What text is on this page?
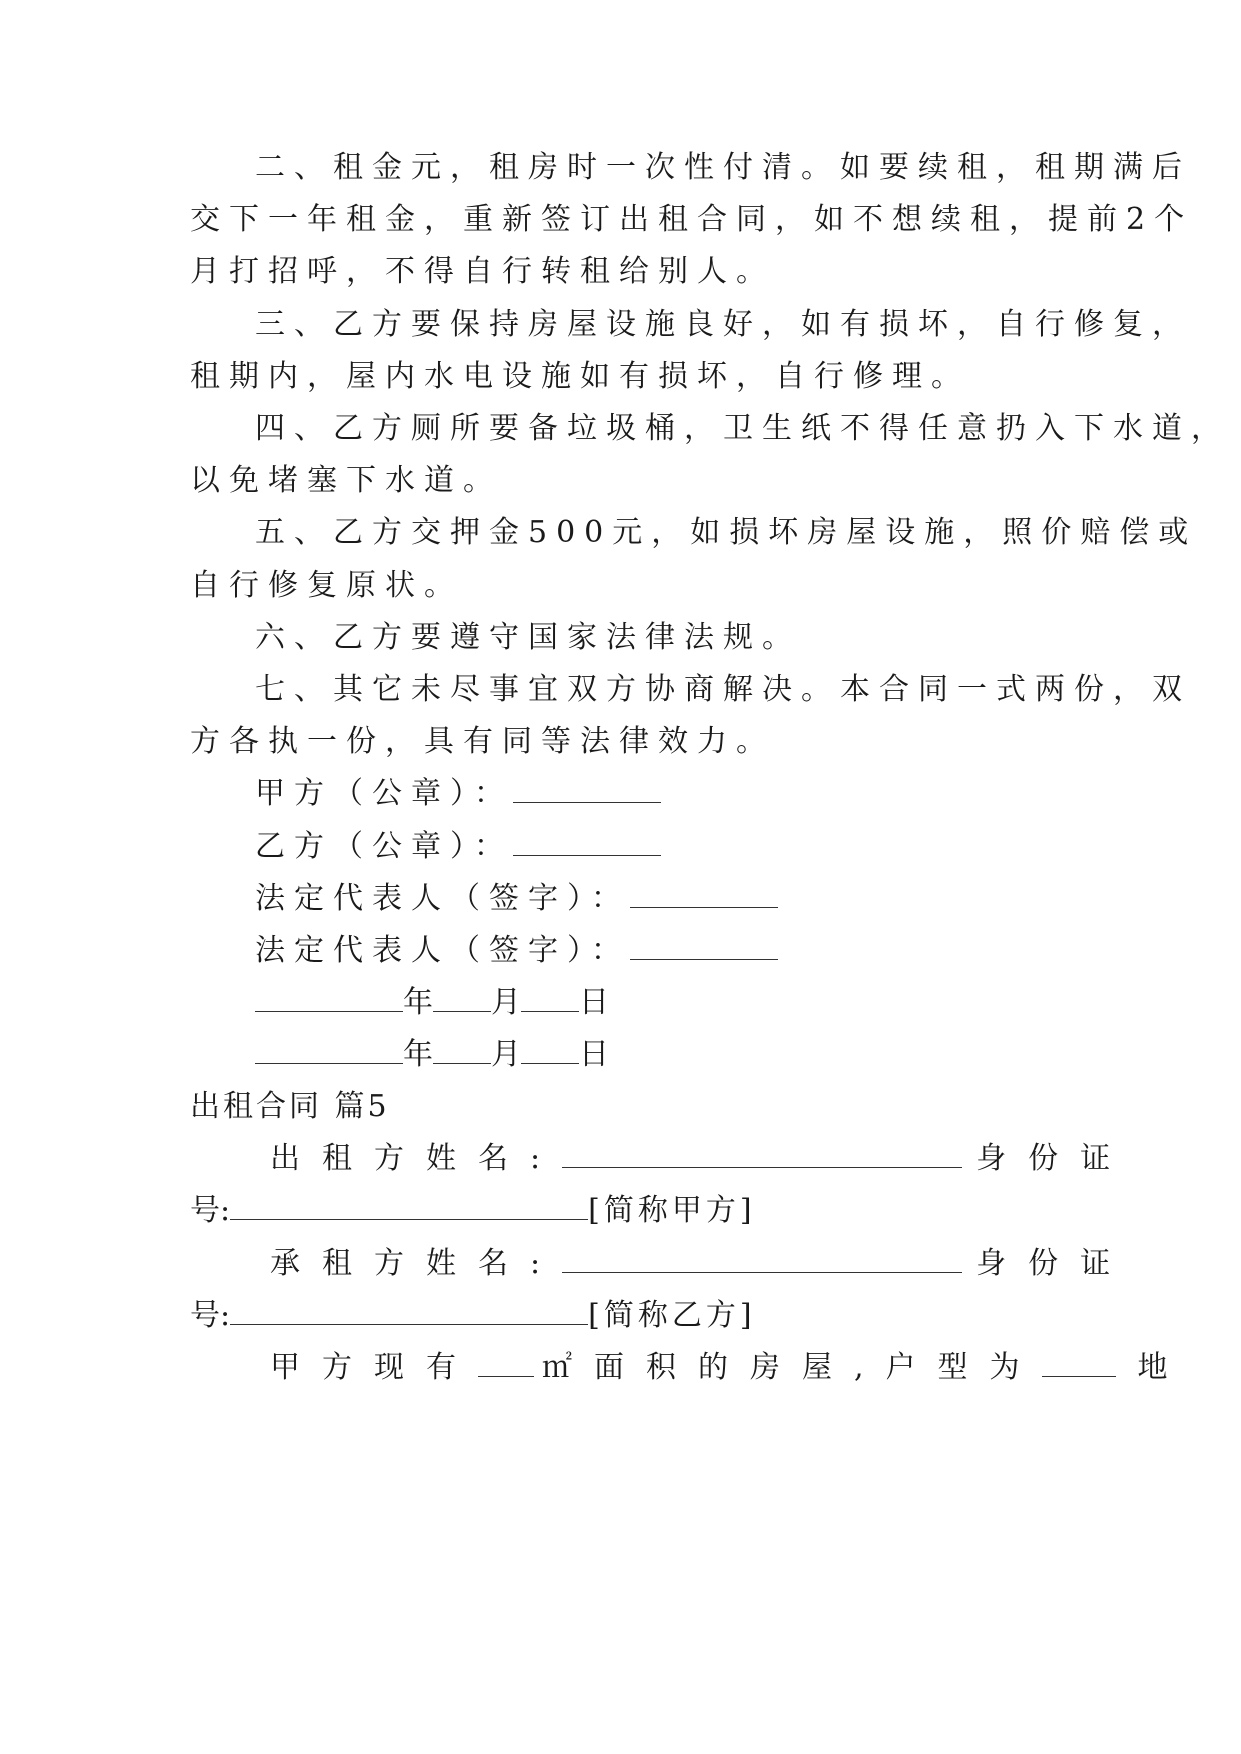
二、租金元，租房时一次性付清。如要续租，租期满后
交下一年租金，重新签订出租合同，如不想续租，提前2个
月打招呼，不得自行转租给别人。
三、乙方要保持房屋设施良好，如有损坏，自行修复，
租期内，屋内水电设施如有损坏，自行修理。
四、乙方厕所要备垃圾桶，卫生纸不得任意扔入下水道，
以免堵塞下水道。
五、乙方交押金500元，如损坏房屋设施，照价赔偿或
自行修复原状。
六、乙方要遵守国家法律法规。
七、其它未尽事宜双方协商解决。本合同一式两份，双
方各执一份，具有同等法律效力。
甲方（公章）：
乙方（公章）：
法定代表人（签字）：
法定代表人（签字）：
年 月 日
年 月 日
出租合同 篇5
出租方姓名:	身份证
号:	[简称甲方]
承租方姓名:	身份证
号:	[简称乙方]
甲方现有 ㎡面积的房屋,户型为	地
